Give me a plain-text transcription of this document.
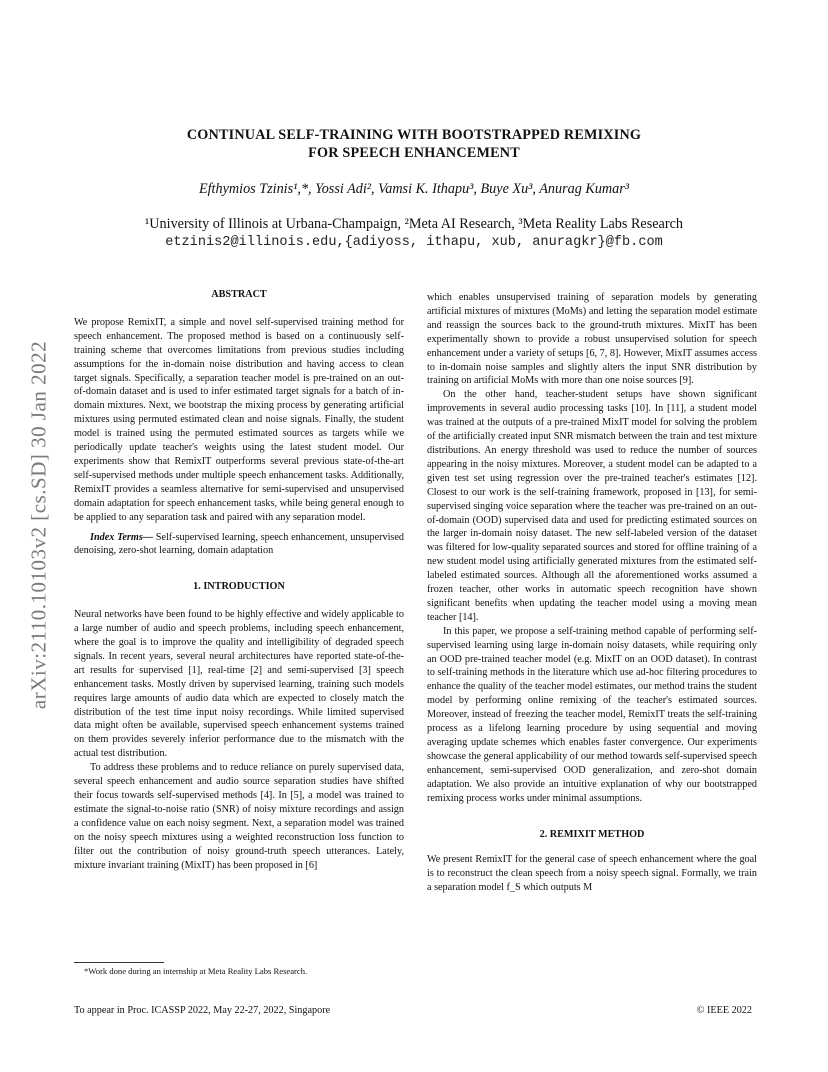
arXiv:2110.10103v2 [cs.SD] 30 Jan 2022
CONTINUAL SELF-TRAINING WITH BOOTSTRAPPED REMIXING
FOR SPEECH ENHANCEMENT
Efthymios Tzinis¹,*, Yossi Adi², Vamsi K. Ithapu³, Buye Xu³, Anurag Kumar³
¹University of Illinois at Urbana-Champaign, ²Meta AI Research, ³Meta Reality Labs Research
etzinis2@illinois.edu,{adiyoss, ithapu, xub, anuragkr}@fb.com

ABSTRACT

We propose RemixIT, a simple and novel self-supervised training method for speech enhancement. The proposed method is based on a continuously self-training scheme that overcomes limitations from previous studies including assumptions for the in-domain noise distribution and having access to clean target signals. Specifically, a separation teacher model is pre-trained on an out-of-domain dataset and is used to infer estimated target signals for a batch of in-domain mixtures. Next, we bootstrap the mixing process by generating artificial mixtures using permuted estimated clean and noise signals. Finally, the student model is trained using the permuted estimated sources as targets while we periodically update teacher's weights using the latest student model. Our experiments show that RemixIT outperforms several previous state-of-the-art self-supervised methods under multiple speech enhancement tasks. Additionally, RemixIT provides a seamless alternative for semi-supervised and unsupervised domain adaptation for speech enhancement tasks, while being general enough to be applied to any separation task and paired with any separation model.

Index Terms— Self-supervised learning, speech enhancement, unsupervised denoising, zero-shot learning, domain adaptation

1. INTRODUCTION

Neural networks have been found to be highly effective and widely applicable to a large number of audio and speech problems, including speech enhancement, where the goal is to improve the quality and intelligibility of degraded speech signals. In recent years, several neural architectures have reported state-of-the-art results for supervised [1], real-time [2] and semi-supervised [3] speech enhancement tasks. Mostly driven by supervised learning, training such models requires large amounts of audio data which are expected to closely match the distribution of the test time input noisy recordings. While limited supervised data might often be available, supervised speech enhancement systems trained on them provides severely inferior performance due to the mismatch with the actual test distribution.

To address these problems and to reduce reliance on purely supervised data, several speech enhancement and audio source separation studies have shifted their focus towards self-supervised methods [4]. In [5], a model was trained to estimate the signal-to-noise ratio (SNR) of noisy mixture recordings and assign a confidence value on each noisy segment. Next, a separation model was trained on the noisy speech mixtures using a weighted reconstruction loss function to filter out the contribution of noisy ground-truth speech utterances. Lately, mixture invariant training (MixIT) has been proposed in [6]

which enables unsupervised training of separation models by generating artificial mixtures of mixtures (MoMs) and letting the separation model estimate and reassign the sources back to the ground-truth mixtures. MixIT has been experimentally shown to provide a robust unsupervised solution for speech enhancement under a variety of setups [6, 7, 8]. However, MixIT assumes access to in-domain noise samples and slightly alters the input SNR distribution by training on artificial MoMs with more than one noise sources [9].

On the other hand, teacher-student setups have shown significant improvements in several audio processing tasks [10]. In [11], a student model was trained at the outputs of a pre-trained MixIT model for solving the problem of the artificially created input SNR mismatch between the train and test mixture distributions. An energy threshold was used to reduce the number of sources appearing in the noisy mixtures. Moreover, a student model can be adapted to a given test set using regression over the pre-trained teacher's estimates [12]. Closest to our work is the self-training framework, proposed in [13], for semi-supervised singing voice separation where the teacher was pre-trained on an out-of-domain (OOD) supervised data and used for predicting estimated sources on the larger in-domain noisy dataset. The new self-labeled version of the dataset was filtered for low-quality separated sources and stored for offline training of a new student model using artificially generated mixtures from the estimated self-labeled estimated sources. Although all the aforementioned works assumed a frozen teacher, other works in automatic speech recognition have shown significant benefits when updating the teacher model using a moving mean teacher [14].

In this paper, we propose a self-training method capable of performing self-supervised learning using large in-domain noisy datasets, while requiring only an OOD pre-trained teacher model (e.g. MixIT on an OOD dataset). In contrast to self-training methods in the literature which use ad-hoc filtering procedures to enhance the quality of the teacher model estimates, our method trains the student model by performing online remixing of the teacher's estimated sources. Moreover, instead of freezing the teacher model, RemixIT treats the self-training process as a lifelong learning procedure by using sequential and moving averaging update schemes which enables faster convergence. Our experiments showcase the general applicability of our method towards self-supervised speech enhancement, semi-supervised OOD generalization, and zero-shot domain adaptation. We also provide an intuitive explanation of why our bootstrapped remixing process works under minimal assumptions.

2. REMIXIT METHOD

We present RemixIT for the general case of speech enhancement where the goal is to reconstruct the clean speech from a noisy speech signal. Formally, we train a separation model f_S which outputs M

*Work done during an internship at Meta Reality Labs Research.
To appear in Proc. ICASSP 2022, May 22-27, 2022, Singapore	© IEEE 2022
